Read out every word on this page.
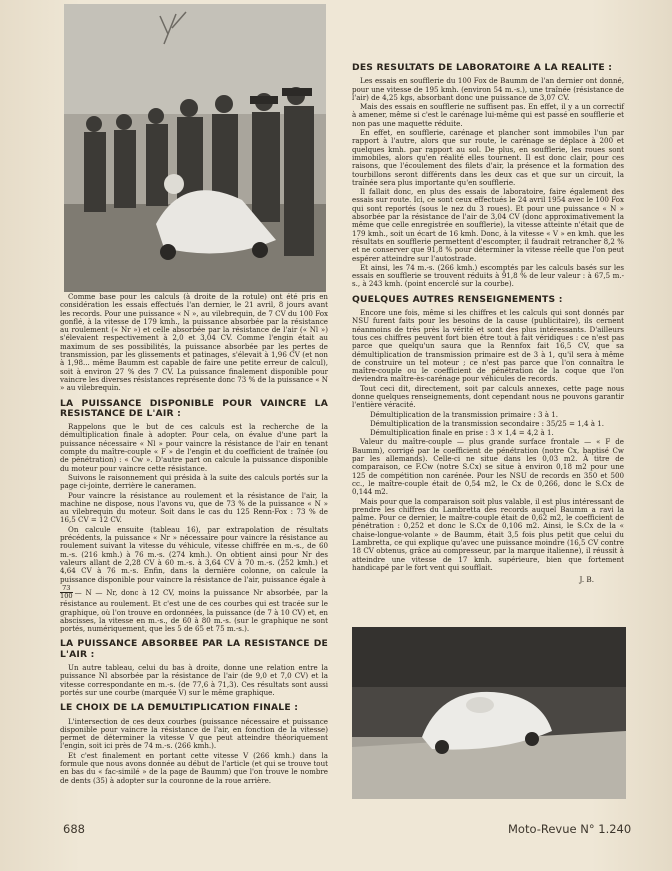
Comme base pour les calculs (à droite de la rotule) ont été pris en considération les essais effectués l'an dernier, le 21 avril, 8 jours avant les records. Pour une puissance « N », au vilebrequin, de 7 CV du 100 Fox gonflé, à la vitesse de 179 kmh., la puissance absorbée par la résistance au roulement (« Nr ») et celle absorbée par la résistance de l'air (« Nl ») s'élevaient respectivement à 2,0 et 3,04 CV. Comme l'engin était au maximum de ses possibilités, la puissance absorbée par les pertes de transmission, par les glissements et patinages, s'élevait à 1,96 CV (et non à 1,98... même Baumm est capable de faire une petite erreur de calcul), soit à environ 27 % des 7 CV. La puissance finalement disponible pour vaincre les diverses résistances représente donc 73 % de la puissance « N » au vilebrequin.

LA PUISSANCE DISPONIBLE POUR VAINCRE LA RESISTANCE DE L'AIR :

Rappelons que le but de ces calculs est la recherche de la démultiplication finale à adopter. Pour cela, on évalue d'une part la puissance nécessaire « Nl » pour vaincre la résistance de l'air en tenant compte du maître-couple « F » de l'engin et du coefficient de traînée (ou de pénétration) : « Cw ». D'autre part on calcule la puissance disponible du moteur pour vaincre cette résistance.

Suivons le raisonnement qui présida à la suite des calculs portés sur la page ci-jointe, derrière le caneramen.

Pour vaincre la résistance au roulement et la résistance de l'air, la machine ne dispose, nous l'avons vu, que de 73 % de la puissance « N » au vilebrequin du moteur. Soit dans le cas du 125 Renn-Fox : 73 % de 16,5 CV = 12 CV.

On calcule ensuite (tableau 16), par extrapolation de résultats précédents, la puissance « Nr » nécessaire pour vaincre la résistance au roulement suivant la vitesse du véhicule, vitesse chiffrée en m.-s., de 60 m.-s. (216 kmh.) à 76 m.-s. (274 kmh.). On obtient ainsi pour Nr des valeurs allant de 2,28 CV à 60 m.-s. à 3,64 CV à 70 m.-s. (252 kmh.) et 4,64 CV à 76 m.-s. Enfin, dans la dernière colonne, on calcule la puissance disponible pour vaincre la résistance de l'air, puissance égale à

$\frac{73}{100}$ — N — Nr, donc à 12 CV, moins la puissance Nr absorbée, par la résistance au roulement. Et c'est une de ces courbes qui est tracée sur le graphique, où l'on trouve en ordonnées, la puissance (de 7 à 10 CV) et, en abscisses, la vitesse en m.-s., de 60 à 80 m.-s. (sur le graphique ne sont portés, numériquement, que les 5 de 65 et 75 m.-s.).

LA PUISSANCE ABSORBEE PAR LA RESISTANCE DE L'AIR :

Un autre tableau, celui du bas à droite, donne une relation entre la puissance Nl absorbée par la résistance de l'air (de 9,0 et 7,0 CV) et la vitesse correspondante en m.-s. (de 77,6 à 71,3). Ces résultats sont aussi portés sur une courbe (marquée V) sur le même graphique.

LE CHOIX DE LA DEMULTIPLICATION FINALE :

L'intersection de ces deux courbes (puissance nécessaire et puissance disponible pour vaincre la résistance de l'air, en fonction de la vitesse) permet de déterminer la vitesse V que peut atteindre théoriquement l'engin, soit ici près de 74 m.-s. (266 kmh.).

Et c'est finalement en portant cette vitesse V (266 kmh.) dans la formule que nous avons donnée au début de l'article (et qui se trouve tout en bas du « fac-similé » de la page de Baumm) que l'on trouve le nombre de dents (35) à adopter sur la couronne de la roue arrière.

DES RESULTATS DE LABORATOIRE A LA REALITE :

Les essais en soufflerie du 100 Fox de Baumm de l'an dernier ont donné, pour une vitesse de 195 kmh. (environ 54 m.-s.), une traînée (résistance de l'air) de 4,25 kgs, absorbant donc une puissance de 3,07 CV.

Mais des essais en soufflerie ne suffisent pas. En effet, il y a un correctif à amener, même si c'est le carénage lui-même qui est passé en soufflerie et non pas une maquette réduite.

En effet, en soufflerie, carénage et plancher sont immobiles l'un par rapport à l'autre, alors que sur route, le carénage se déplace à 200 et quelques kmh. par rapport au sol. De plus, en soufflerie, les roues sont immobiles, alors qu'en réalité elles tournent. Il est donc clair, pour ces raisons, que l'écoulement des filets d'air, la présence et la formation des tourbillons seront différents dans les deux cas et que sur un circuit, la traînée sera plus importante qu'en soufflerie.

Il fallait donc, en plus des essais de laboratoire, faire également des essais sur route. Ici, ce sont ceux effectués le 24 avril 1954 avec le 100 Fox qui sont reportés (sous le nez du 3 roues). Et pour une puissance « N » absorbée par la résistance de l'air de 3,04 CV (donc approximativement la même que celle enregistrée en soufflerie), la vitesse atteinte n'était que de 179 kmh., soit un écart de 16 kmh. Donc, à la vitesse « V » en kmh. que les résultats en soufflerie permettent d'escompter, il faudrait retrancher 8,2 % et ne conserver que 91,8 % pour déterminer la vitesse réelle que l'on peut espérer atteindre sur l'autostrade.

Et ainsi, les 74 m.-s. (266 kmh.) escomptés par les calculs basés sur les essais en soufflerie se trouvent réduits à 91,8 % de leur valeur : à 67,5 m.-s., à 243 kmh. (point encerclé sur la courbe).

QUELQUES AUTRES RENSEIGNEMENTS :

Encore une fois, même si les chiffres et les calculs qui sont donnés par NSU furent faits pour les besoins de la cause (publicitaire), ils cernent néanmoins de très près la vérité et sont des plus intéressants. D'ailleurs tous ces chiffres peuvent fort bien être tout à fait véridiques : ce n'est pas parce que quelqu'un saura que la Rennfox fait 16,5 CV, que sa démultiplication de transmission primaire est de 3 à 1, qu'il sera à même de construire un tel moteur ; ce n'est pas parce que l'on connaîtra le maître-couple ou le coefficient de pénétration de la coque que l'on deviendra maître-ès-carénage pour véhicules de records.

Tout ceci dit, directement, soit par calculs annexes, cette page nous donne quelques renseignements, dont cependant nous ne pouvons garantir l'entière véracité.

Démultiplication de la transmission primaire : 3 à 1.

Démultiplication de la transmission secondaire : 35/25 = 1,4 à 1.

Démultiplication finale en prise : 3 × 1,4 = 4,2 à 1.

Valeur du maître-couple — plus grande surface frontale — « F de Baumm), corrigé par le coefficient de pénétration (notre Cx, baptisé Cw par les allemands). Celle-ci ne situe dans les 0,03 m2. À titre de comparaison, ce F.Cw (notre S.Cx) se situe à environ 0,18 m2 pour une 125 de compétition non carénée. Pour les NSU de records en 350 et 500 cc., le maître-couple était de 0,54 m2, le Cx de 0,266, donc le S.Cx de 0,144 m2.

Mais pour que la comparaison soit plus valable, il est plus intéressant de prendre les chiffres du Lambretta des records auquel Baumm a ravi la palme. Pour ce dernier, le maître-couple était de 0,62 m2, le coefficient de pénétration : 0,252 et donc le S.Cx de 0,106 m2. Ainsi, le S.Cx de la « chaise-longue-volante » de Baumm, était 3,5 fois plus petit que celui du Lambretta, ce qui explique qu'avec une puissance moindre (16,5 CV contre 18 CV obtenus, grâce au compresseur, par la marque italienne), il réussit à atteindre une vitesse de 17 kmh. supérieure, bien que fortement handicapé par le fort vent qui soufflait.

J. B.
688	Moto-Revue N° 1.240
